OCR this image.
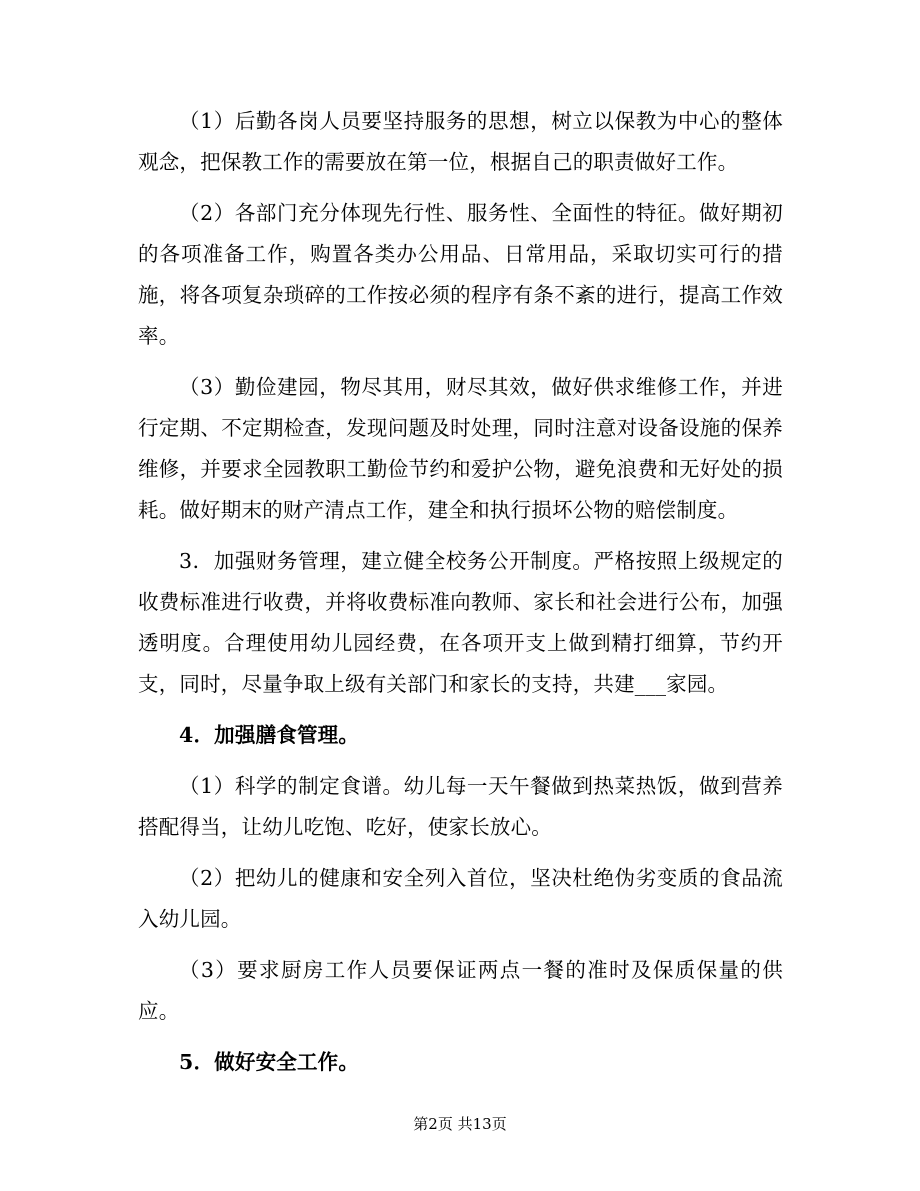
（1）后勤各岗人员要坚持服务的思想，树立以保教为中心的整体观念，把保教工作的需要放在第一位，根据自己的职责做好工作。

（2）各部门充分体现先行性、服务性、全面性的特征。做好期初的各项准备工作，购置各类办公用品、日常用品，采取切实可行的措施，将各项复杂琐碎的工作按必须的程序有条不紊的进行，提高工作效率。

（3）勤俭建园，物尽其用，财尽其效，做好供求维修工作，并进行定期、不定期检查，发现问题及时处理，同时注意对设备设施的保养维修，并要求全园教职工勤俭节约和爱护公物，避免浪费和无好处的损耗。做好期末的财产清点工作，建全和执行损坏公物的赔偿制度。

3．加强财务管理，建立健全校务公开制度。严格按照上级规定的收费标准进行收费，并将收费标准向教师、家长和社会进行公布，加强透明度。合理使用幼儿园经费，在各项开支上做到精打细算，节约开支，同时，尽量争取上级有关部门和家长的支持，共建___家园。

4．加强膳食管理。

（1）科学的制定食谱。幼儿每一天午餐做到热菜热饭，做到营养搭配得当，让幼儿吃饱、吃好，使家长放心。

（2）把幼儿的健康和安全列入首位，坚决杜绝伪劣变质的食品流入幼儿园。

（3）要求厨房工作人员要保证两点一餐的准时及保质保量的供应。

5．做好安全工作。

第2页 共13页
